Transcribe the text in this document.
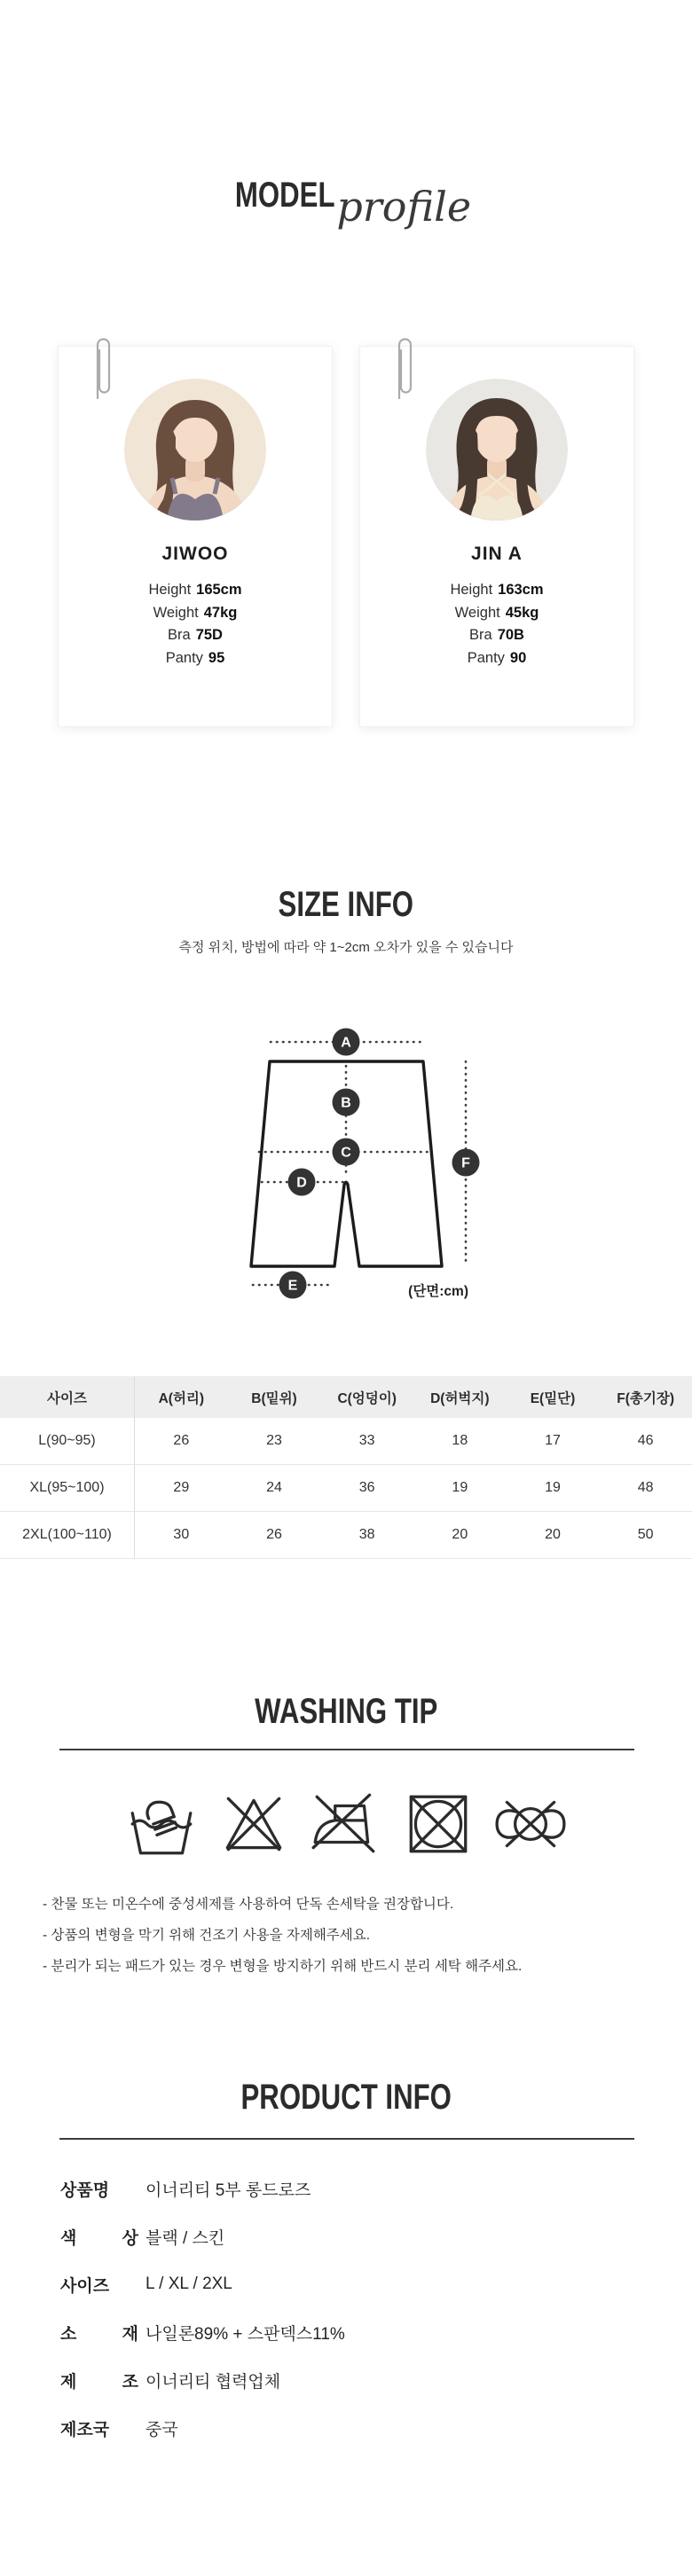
MODEL profile
JIWOO
Height 165cm
Weight 47kg
Bra 75D
Panty 95
JIN A
Height 163cm
Weight 45kg
Bra 70B
Panty 90
SIZE INFO

측정 위치, 방법에 따라 약 1~2cm 오차가 있을 수 있습니다

A
B
C
D
E
F
(단면:cm)
사이즈	A(허리)	B(밑위)	C(엉덩이)	D(허벅지)	E(밑단)	F(총기장)
L(90~95)	26	23	33	18	17	46
XL(95~100)	29	24	36	19	19	48
2XL(100~110)	30	26	38	20	20	50
WASHING TIP

- 찬물 또는 미온수에 중성세제를 사용하여 단독 손세탁을 권장합니다.

- 상품의 변형을 막기 위해 건조기 사용을 자제해주세요.

- 분리가 되는 패드가 있는 경우 변형을 방지하기 위해 반드시 분리 세탁 해주세요.

PRODUCT INFO
상품명	이너리티 5부 롱드로즈
색 상 블랙 / 스킨
사이즈	L / XL / 2XL
소 재 나일론89% + 스판덱스11%
제 조 이너리티 협력업체
제조국	중국
